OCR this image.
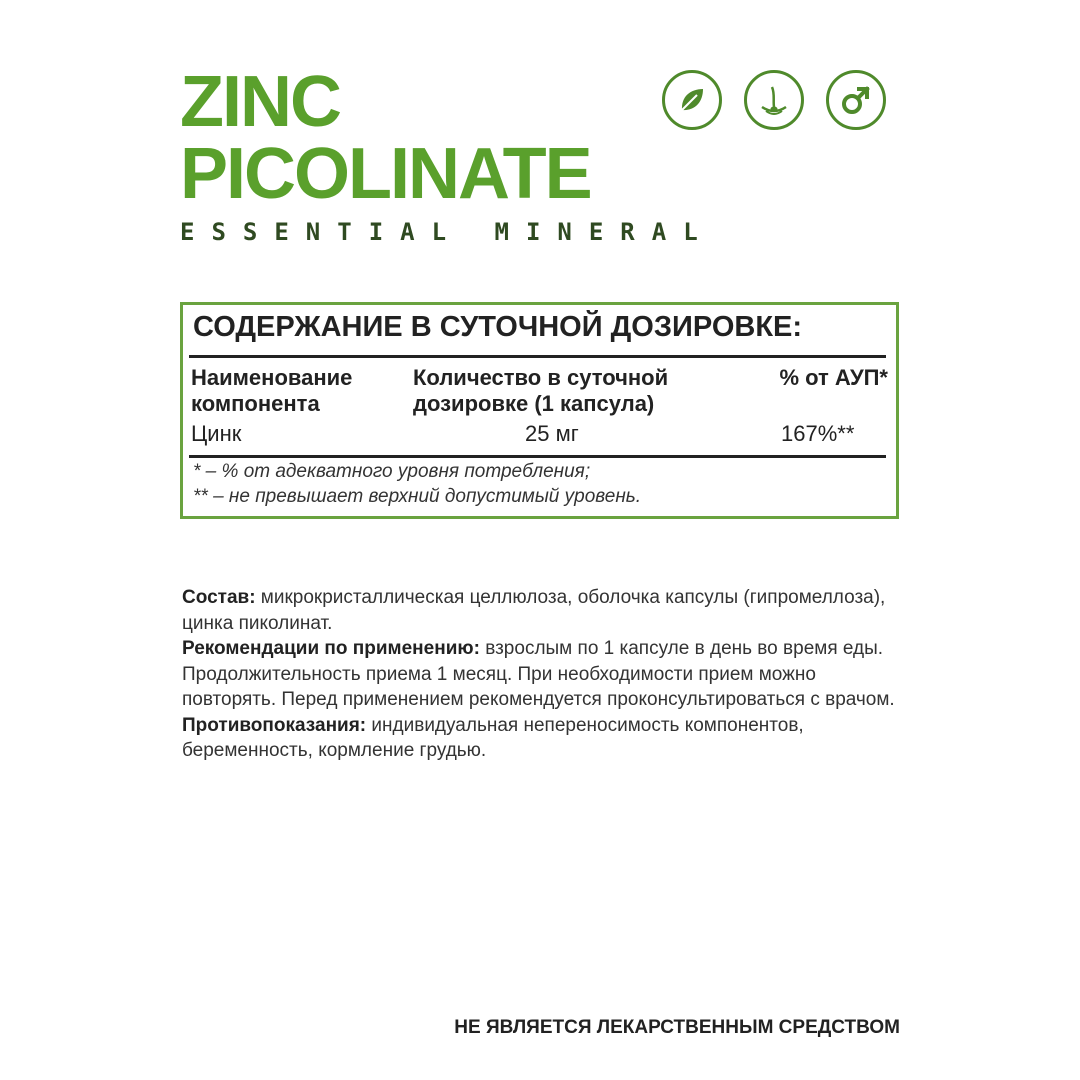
ZINC
PICOLINATE
ESSENTIAL MINERAL
СОДЕРЖАНИЕ В СУТОЧНОЙ ДОЗИРОВКЕ:
Наименование компонента
Количество в суточной дозировке (1 капсула)
% от АУП*
Цинк	25 мг	167%**
* – % от адекватного уровня потребления;
** – не превышает верхний допустимый уровень.
Состав: микрокристаллическая целлюлоза, оболочка капсулы (гипромеллоза), цинка пиколинат.
Рекомендации по применению: взрослым по 1 капсуле в день во время еды. Продолжительность приема 1 месяц. При необходимости прием можно повторять. Перед применением рекомендуется проконсультироваться с врачом.
Противопоказания: индивидуальная непереносимость компонентов, беременность, кормление грудью.
НЕ ЯВЛЯЕТСЯ ЛЕКАРСТВЕННЫМ СРЕДСТВОМ
